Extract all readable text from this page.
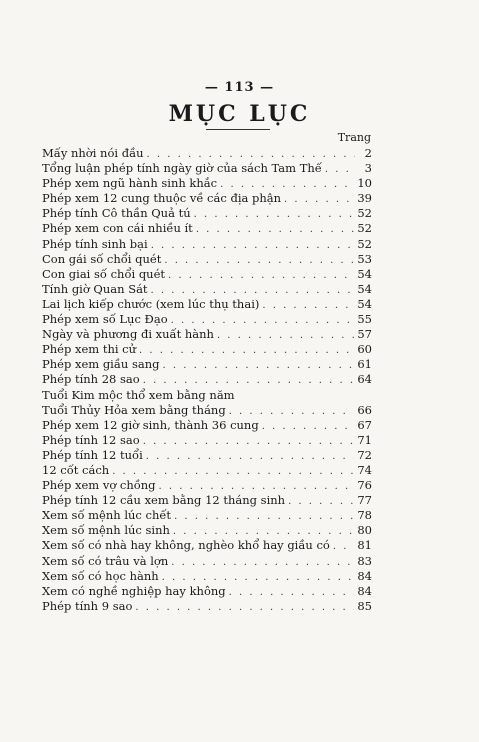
— 113 —
MỤC LỤC
Trang
Mấy nhời nói đầu . . .	2
Tổng luận phép tính ngày giờ của sách Tam Thế . . .	3
Phép xem ngũ hành sinh khắc . . .	10
Phép xem 12 cung thuộc về các địa phận . . .	39
Phép tính Cô thần Quả tú . . .	52
Phép xem con cái nhiều ít . . .	52
Phép tính sinh bại . . .	52
Con gái số chổi quét . . .	53
Con giai số chổi quét . . .	54
Tính giờ Quan Sát . . .	54
Lai lịch kiếp chước (xem lúc thụ thai) . . .	54
Phép xem số Lục Đạo . . .	55
Ngày và phương đi xuất hành . . .	57
Phép xem thi cử . . .	60
Phép xem giầu sang . . .	61
Phép tính 28 sao . . .	64
Tuổi Kim mộc thổ xem bằng năm
Tuổi Thủy Hỏa xem bằng tháng . . .	66
Phép xem 12 giờ sinh, thành 36 cung . . .	67
Phép tính 12 sao . . .	71
Phép tính 12 tuổi . . .	72
12 cốt cách . . .	74
Phép xem vợ chồng . . .	76
Phép tính 12 cầu xem bằng 12 tháng sinh . . .	77
Xem số mệnh lúc chết . . .	78
Xem số mệnh lúc sinh . . .	80
Xem số có nhà hay không, nghèo khổ hay giầu có . . . 81
Xem số có trâu và lợn . . .	83
Xem số có học hành . . .	84
Xem có nghề nghiệp hay không . . .	84
Phép tính 9 sao . . .	85
